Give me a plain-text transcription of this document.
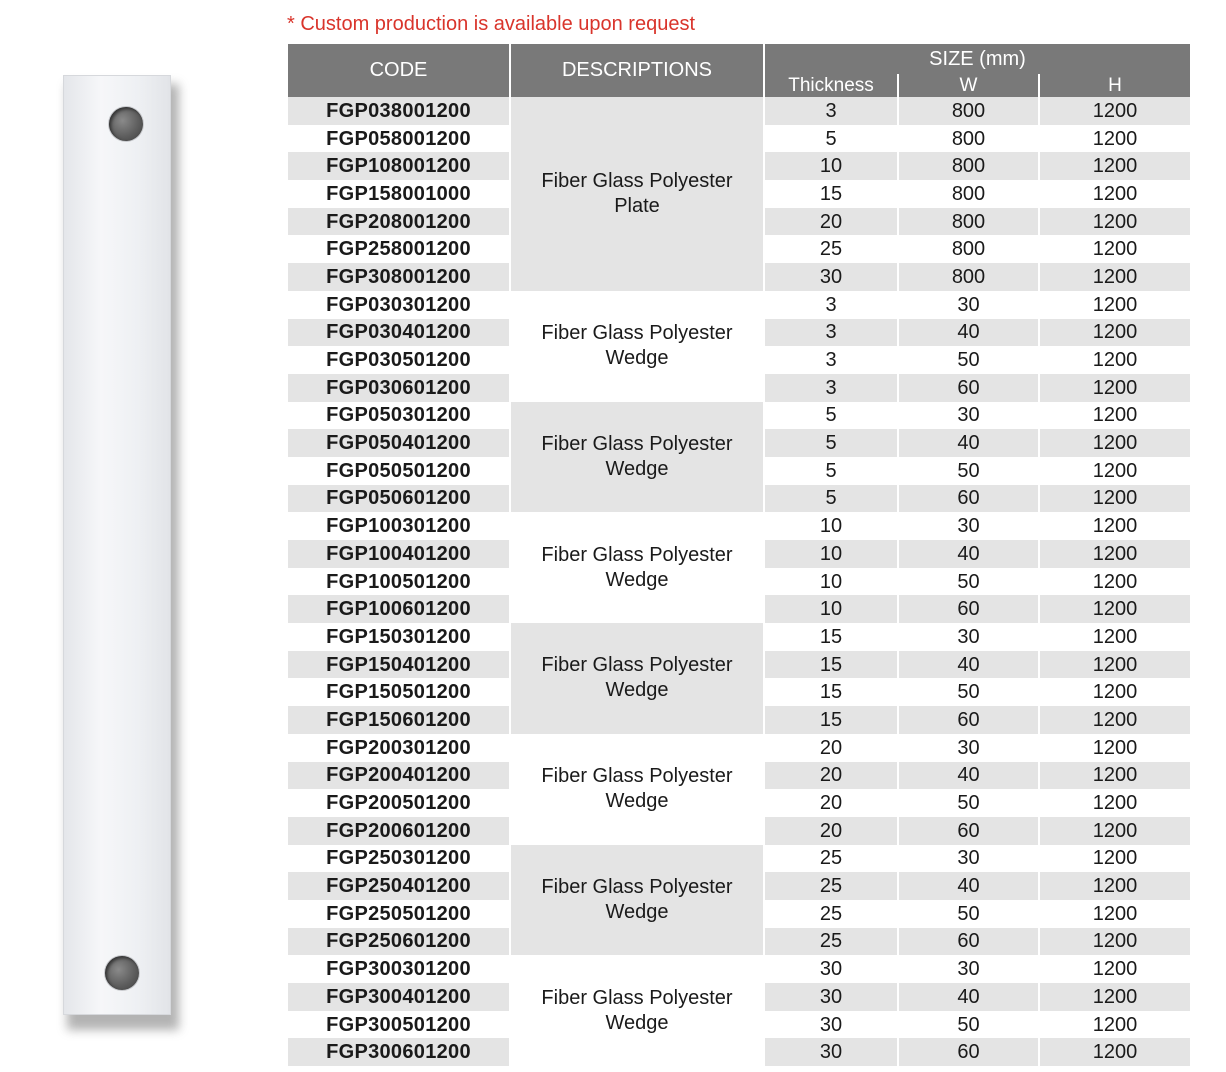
* Custom production is available upon request
CODE	DESCRIPTIONS	SIZE (mm)		
		Thickness	W	H
FGP038001200	Fiber Glass Polyester Plate	3	800	1200
FGP058001200		5	800	1200
FGP108001200		10	800	1200
FGP158001000		15	800	1200
FGP208001200		20	800	1200
FGP258001200		25	800	1200
FGP308001200		30	800	1200
FGP030301200	Fiber Glass Polyester Wedge	3	30	1200
FGP030401200		3	40	1200
FGP030501200		3	50	1200
FGP030601200		3	60	1200
FGP050301200	Fiber Glass Polyester Wedge	5	30	1200
FGP050401200		5	40	1200
FGP050501200		5	50	1200
FGP050601200		5	60	1200
FGP100301200	Fiber Glass Polyester Wedge	10	30	1200
FGP100401200		10	40	1200
FGP100501200		10	50	1200
FGP100601200		10	60	1200
FGP150301200	Fiber Glass Polyester Wedge	15	30	1200
FGP150401200		15	40	1200
FGP150501200		15	50	1200
FGP150601200		15	60	1200
FGP200301200	Fiber Glass Polyester Wedge	20	30	1200
FGP200401200		20	40	1200
FGP200501200		20	50	1200
FGP200601200		20	60	1200
FGP250301200	Fiber Glass Polyester Wedge	25	30	1200
FGP250401200		25	40	1200
FGP250501200		25	50	1200
FGP250601200		25	60	1200
FGP300301200	Fiber Glass Polyester Wedge	30	30	1200
FGP300401200		30	40	1200
FGP300501200		30	50	1200
FGP300601200		30	60	1200
